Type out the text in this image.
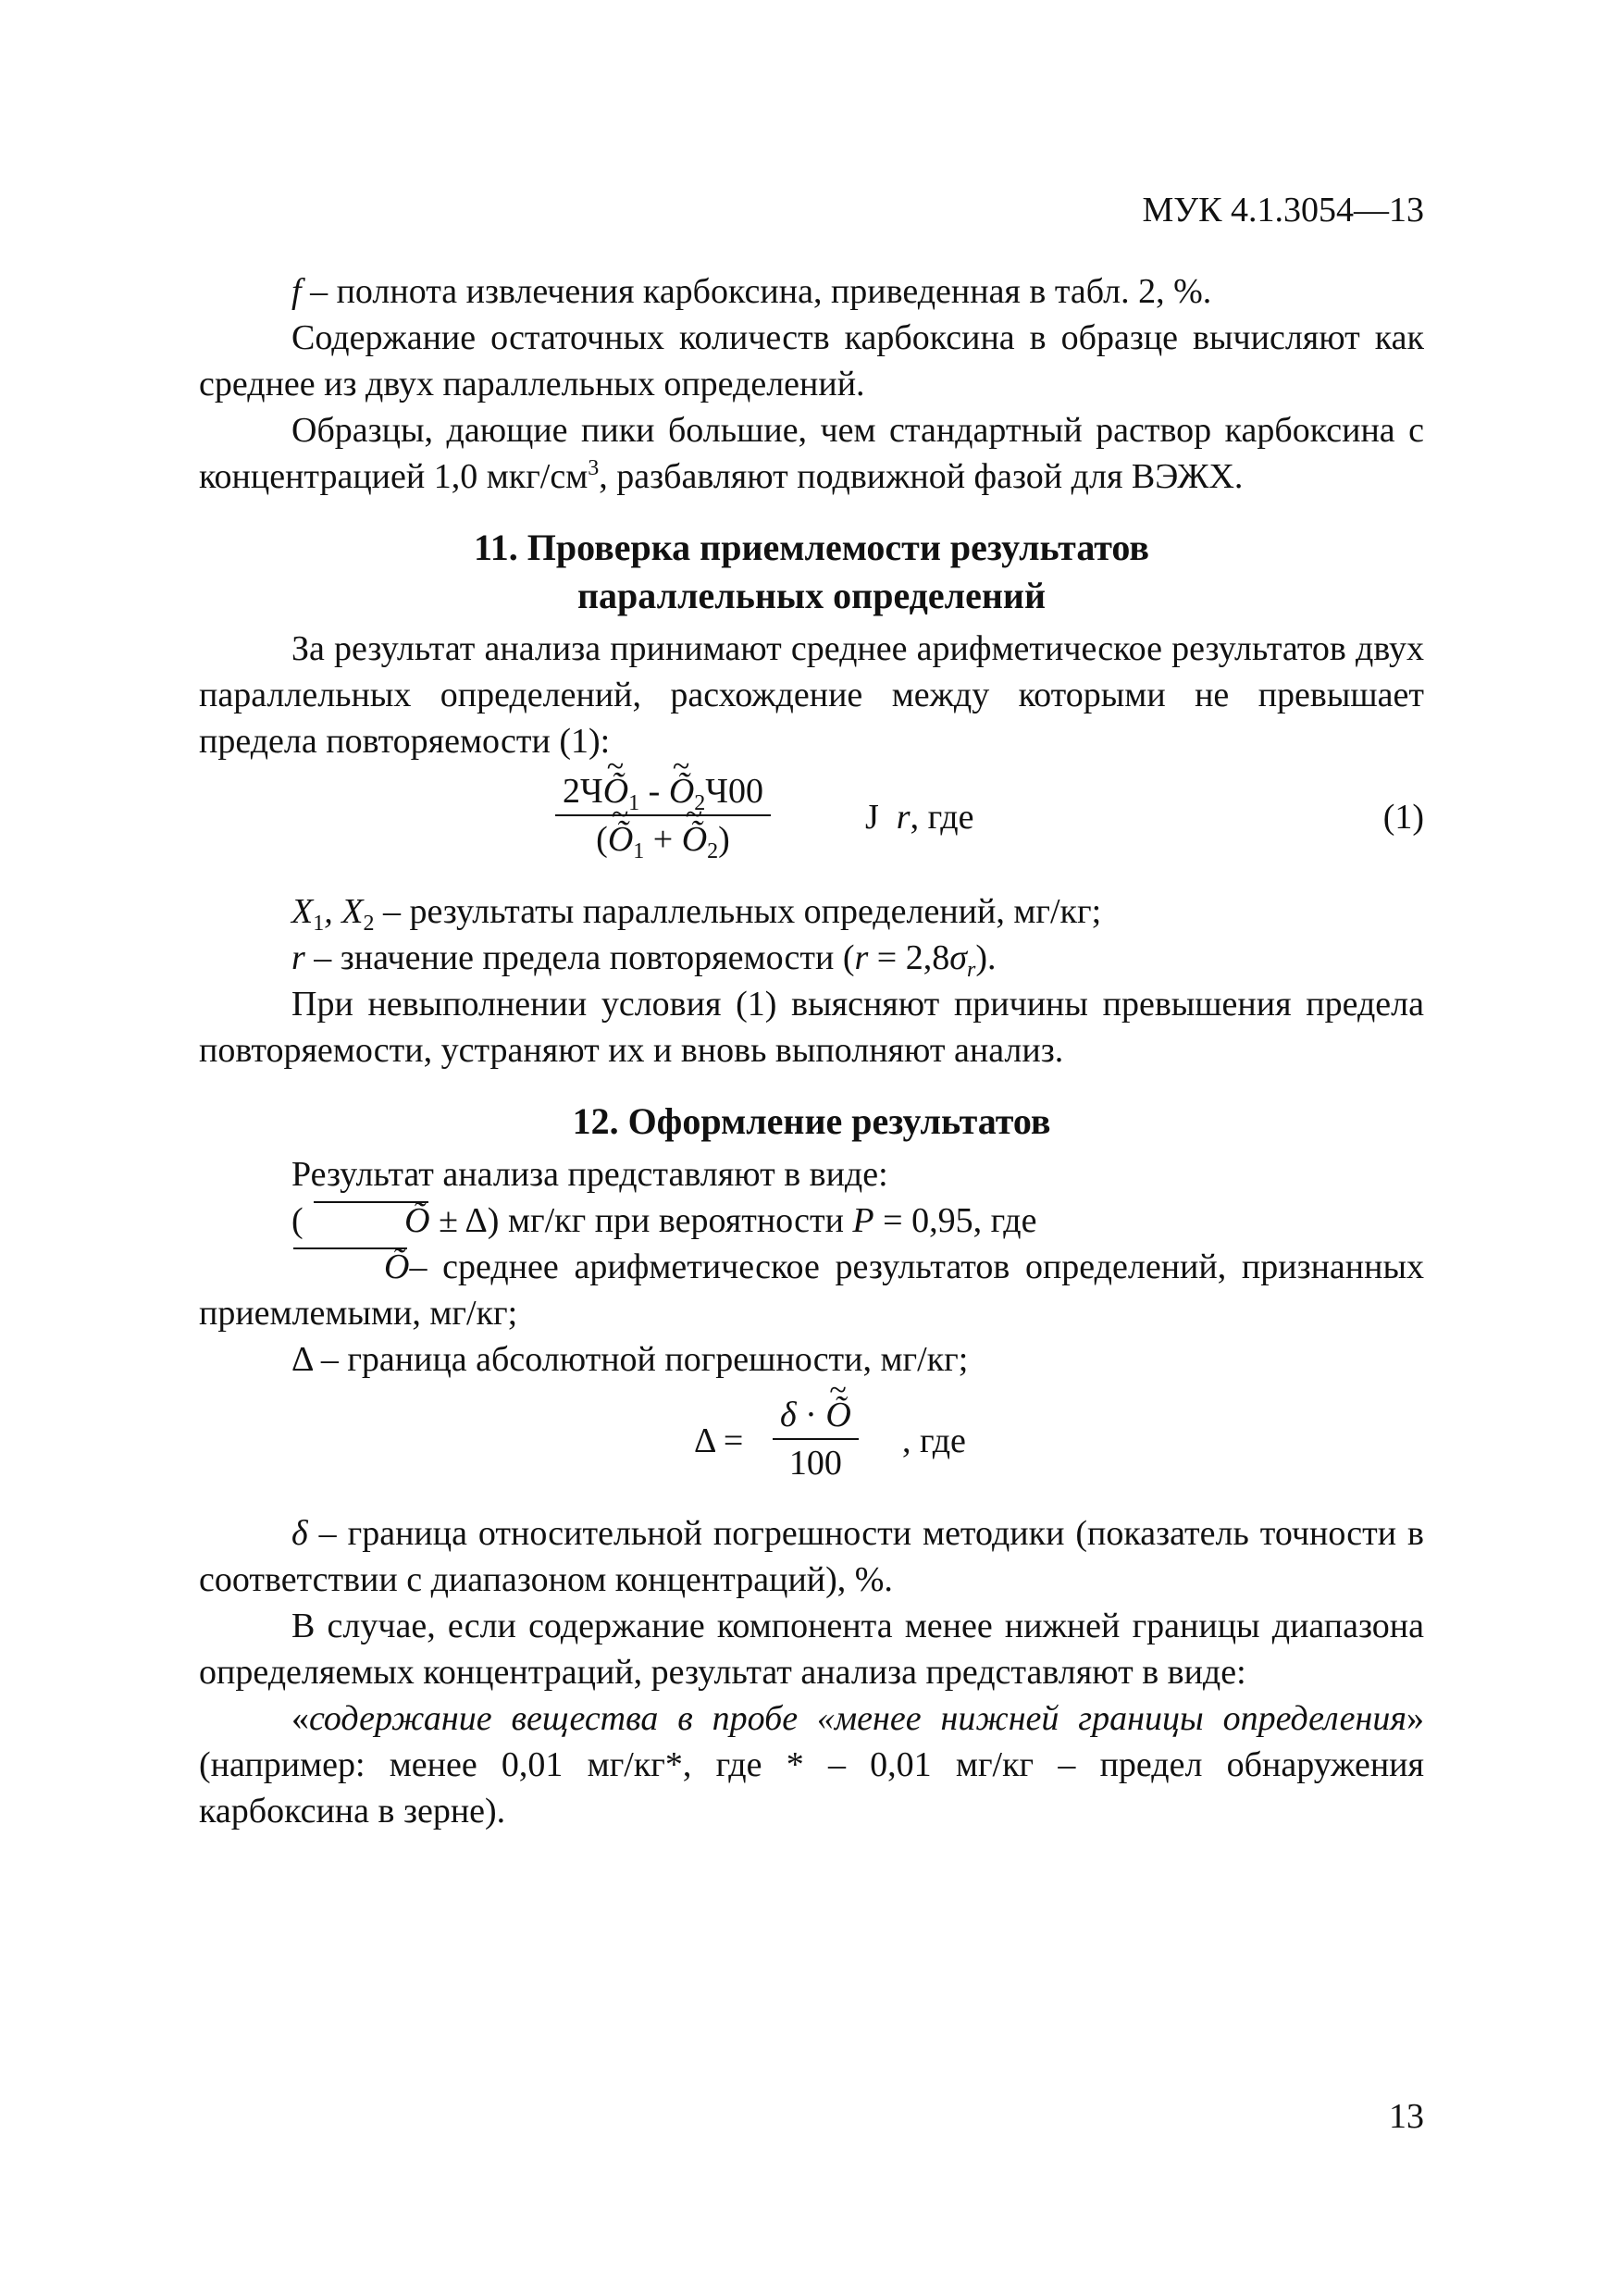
МУК 4.1.3054—13

f – полнота извлечения карбоксина, приведенная в табл. 2, %.

Содержание остаточных количеств карбоксина в образце вычисляют как среднее из двух параллельных определений.

Образцы, дающие пики большие, чем стандартный раствор карбоксина с концентрацией 1,0 мкг/$см^3$, разбавляют подвижной фазой для ВЭЖХ.

11. Проверка приемлемости результатов
параллельных определений

За результат анализа принимают среднее арифметическое результатов двух параллельных определений, расхождение между которыми не превышает предела повторяемости (1):

2Ч~ $Õ_1$ - ~ $Õ_2Ч00$
(~ $Õ_1$ + ~ $Õ_2$)
J r, где	(1)

$X_1$, $X_2$ – результаты параллельных определений, мг/кг;

r – значение предела повторяемости $(r = 2,8\sigma_r)$.

При невыполнении условия (1) выясняют причины превышения предела повторяемости, устраняют их и вновь выполняют анализ.

12. Оформление результатов

Результат анализа представляют в виде:

(	Õ ± Δ) мг/кг при вероятности P = 0,95, где

Õ– среднее арифметическое результатов определений, признанных приемлемыми, мг/кг;

Δ – граница абсолютной погрешности, мг/кг;

$\Delta = \frac{\delta \cdot \sim Õ}{100}$ , где

δ – граница относительной погрешности методики (показатель точности в соответствии с диапазоном концентраций), %.

В случае, если содержание компонента менее нижней границы диапазона определяемых концентраций, результат анализа представляют в виде:

«содержание вещества в пробе «менее нижней границы определения» (например: менее 0,01 мг/кг*, где * – 0,01 мг/кг – предел обнаружения карбоксина в зерне).

13
